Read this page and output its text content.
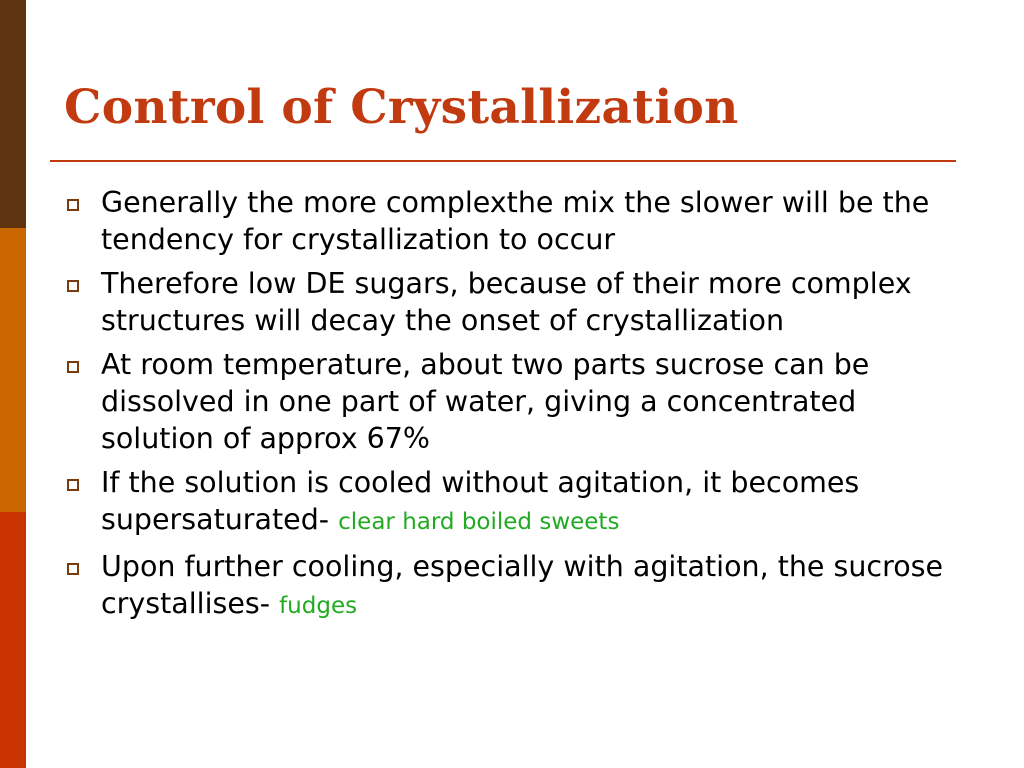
Control of Crystallization
Generally the more complexthe mix the slower will be the tendency for crystallization to occur
Therefore low DE sugars, because of their more complex structures will decay the onset of crystallization
At room temperature, about two parts sucrose can be dissolved in one part of water, giving a concentrated solution of approx 67%
If the solution is cooled without agitation, it becomes supersaturated- clear hard boiled sweets
Upon further cooling, especially with agitation, the sucrose crystallises- fudges
